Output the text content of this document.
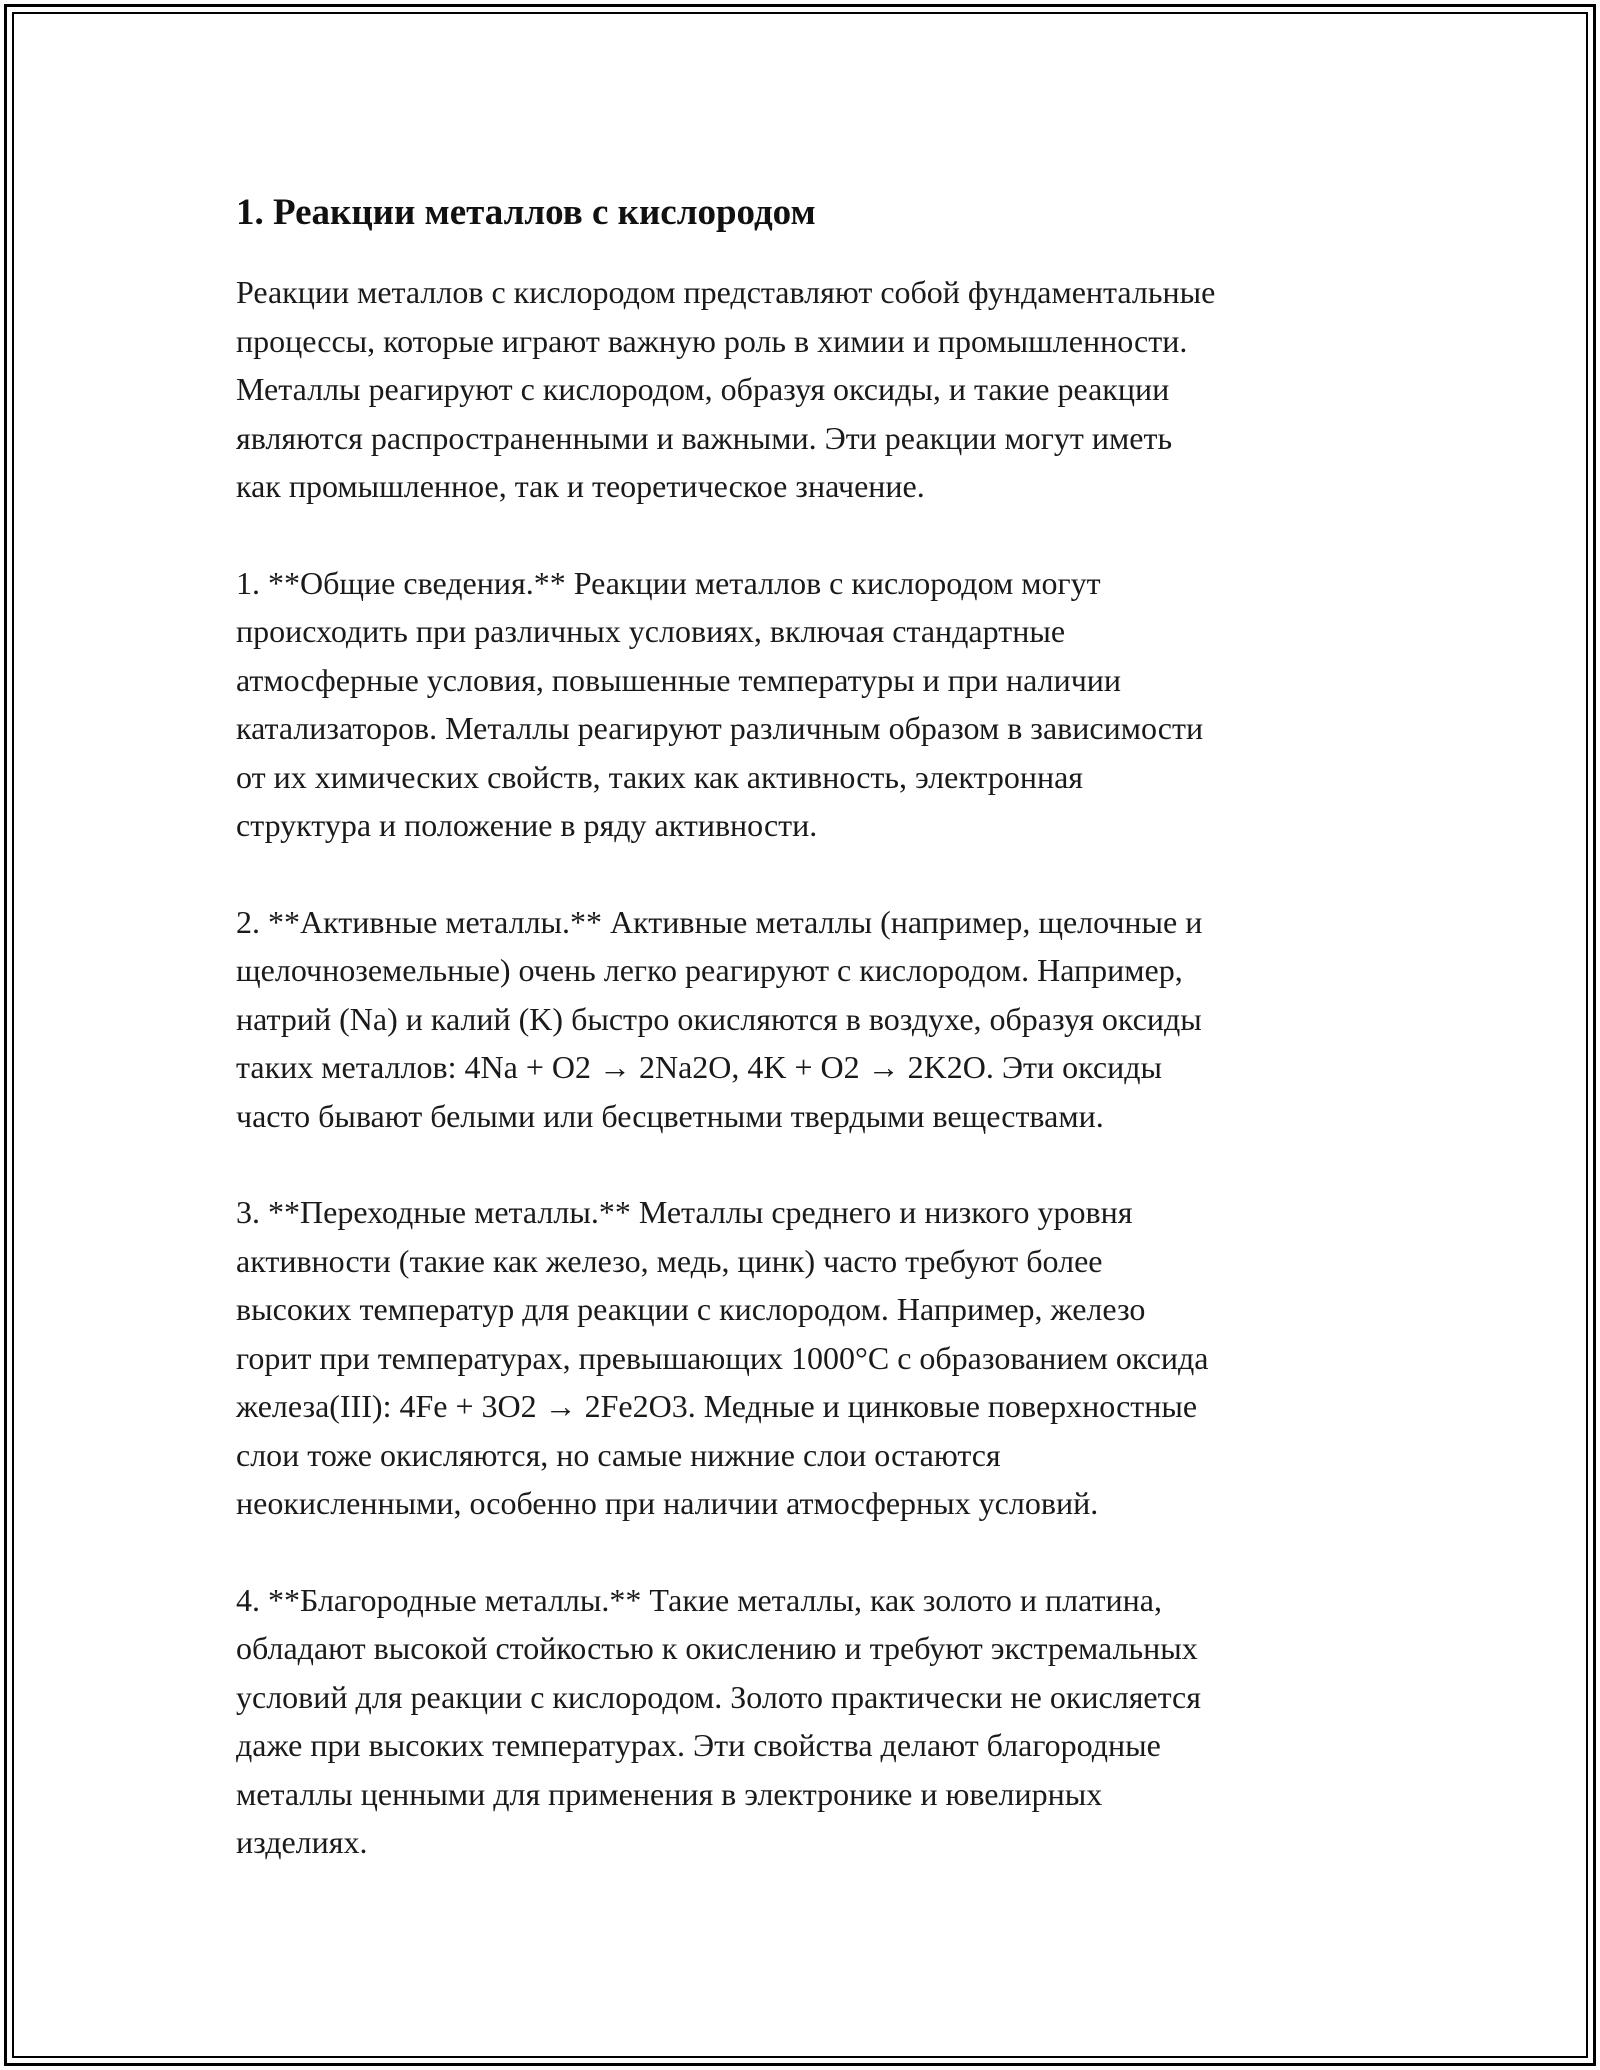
1. Реакции металлов с кислородом

Реакции металлов с кислородом представляют собой фундаментальные
процессы, которые играют важную роль в химии и промышленности.
Металлы реагируют с кислородом, образуя оксиды, и такие реакции
являются распространенными и важными. Эти реакции могут иметь
как промышленное, так и теоретическое значение.

1. **Общие сведения.** Реакции металлов с кислородом могут
происходить при различных условиях, включая стандартные
атмосферные условия, повышенные температуры и при наличии
катализаторов. Металлы реагируют различным образом в зависимости
от их химических свойств, таких как активность, электронная
структура и положение в ряду активности.

2. **Активные металлы.** Активные металлы (например, щелочные и
щелочноземельные) очень легко реагируют с кислородом. Например,
натрий (Na) и калий (K) быстро окисляются в воздухе, образуя оксиды
таких металлов: 4Na + O2 → 2Na2O, 4K + O2 → 2K2O. Эти оксиды
часто бывают белыми или бесцветными твердыми веществами.

3. **Переходные металлы.** Металлы среднего и низкого уровня
активности (такие как железо, медь, цинк) часто требуют более
высоких температур для реакции с кислородом. Например, железо
горит при температурах, превышающих 1000°C с образованием оксида
железа(III): 4Fe + 3O2 → 2Fe2O3. Медные и цинковые поверхностные
слои тоже окисляются, но самые нижние слои остаются
неокисленными, особенно при наличии атмосферных условий.

4. **Благородные металлы.** Такие металлы, как золото и платина,
обладают высокой стойкостью к окислению и требуют экстремальных
условий для реакции с кислородом. Золото практически не окисляется
даже при высоких температурах. Эти свойства делают благородные
металлы ценными для применения в электронике и ювелирных
изделиях.
